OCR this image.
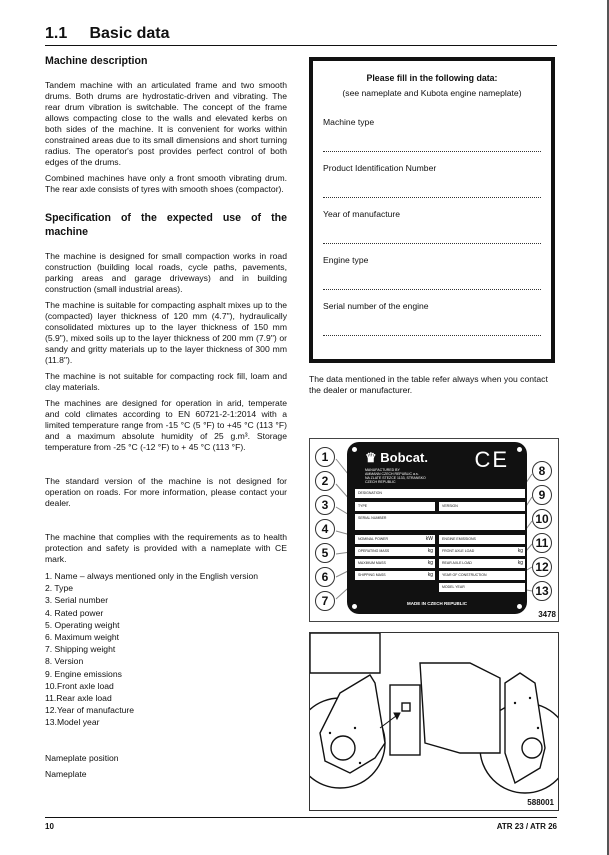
1.1 Basic data
Machine description

Tandem machine with an articulated frame and two smooth drums. Both drums are hydrostatic-driven and vibrating. The rear drum vibration is switchable. The concept of the frame allows compacting close to the walls and elevated kerbs on both sides of the machine. It is convenient for works within constrained areas due to its small dimensions and short turning radius. The operator's post provides perfect control of both edges of the drums.

Combined machines have only a front smooth vibrating drum. The rear axle consists of tyres with smooth shoes (compactor).

Specification of the expected use of the machine

The machine is designed for small compaction works in road construction (building local roads, cycle paths, pavements, parking areas and garage driveways) and in building construction (small industrial areas).

The machine is suitable for compacting asphalt mixes up to the (compacted) layer thickness of 120 mm (4.7"), hydraulically consolidated mixtures up to the layer thickness of 150 mm (5.9"), mixed soils up to the layer thickness of 200 mm (7.9") or sandy and gritty materials up to the layer thickness of 300 mm (11.8").

The machine is not suitable for compacting rock fill, loam and clay materials.

The machines are designed for operation in arid, temperate and cold climates according to EN 60721-2-1:2014 with a limited temperature range from -15 °C (5 °F) to +45 °C (113 °F) and a maximum absolute humidity of 25 g.m³. Storage temperature from -25 °C (-12 °F) to + 45 °C (113 °F).

The standard version of the machine is not designed for operation on roads. For more information, please contact your dealer.

The machine that complies with the requirements as to health protection and safety is provided with a nameplate with CE mark.

1. Name – always mentioned only in the English version
2. Type
3. Serial number
4. Rated power
5. Operating weight
6. Maximum weight
7. Shipping weight
8. Version
9. Engine emissions
10.Front axle load
11.Rear axle load
12.Year of manufacture
13.Model year

Nameplate position

Nameplate

Please fill in the following data:
(see nameplate and Kubota engine nameplate)
Machine type
Product Identification Number
Year of manufacture
Engine type
Serial number of the engine
The data mentioned in the table refer always when you contact the dealer or manufacturer.
♛ Bobcat. CE
MANUFACTURED BY
AMMANN CZECH REPUBLIC a.s.
NA ZLATE STEZCE 1133, STRANSKO
CZECH REPUBLIC
DESIGNATION
TYPE	VERSION
SERIAL NUMBER
NOMINAL POWER	kW
OPERATING MASS	kg
MAXIMUM MASS	kg
SHIPPING MASS	kg
ENGINE EMISSIONS
FRONT AXLE LOAD	kg
REAR AXLE LOAD	kg
YEAR OF CONSTRUCTION
MODEL YEAR
MADE IN CZECH REPUBLIC
1
2
3
4
5
6
7
8
9
10
11
12
13
3478
588001
10	ATR 23 / ATR 26
